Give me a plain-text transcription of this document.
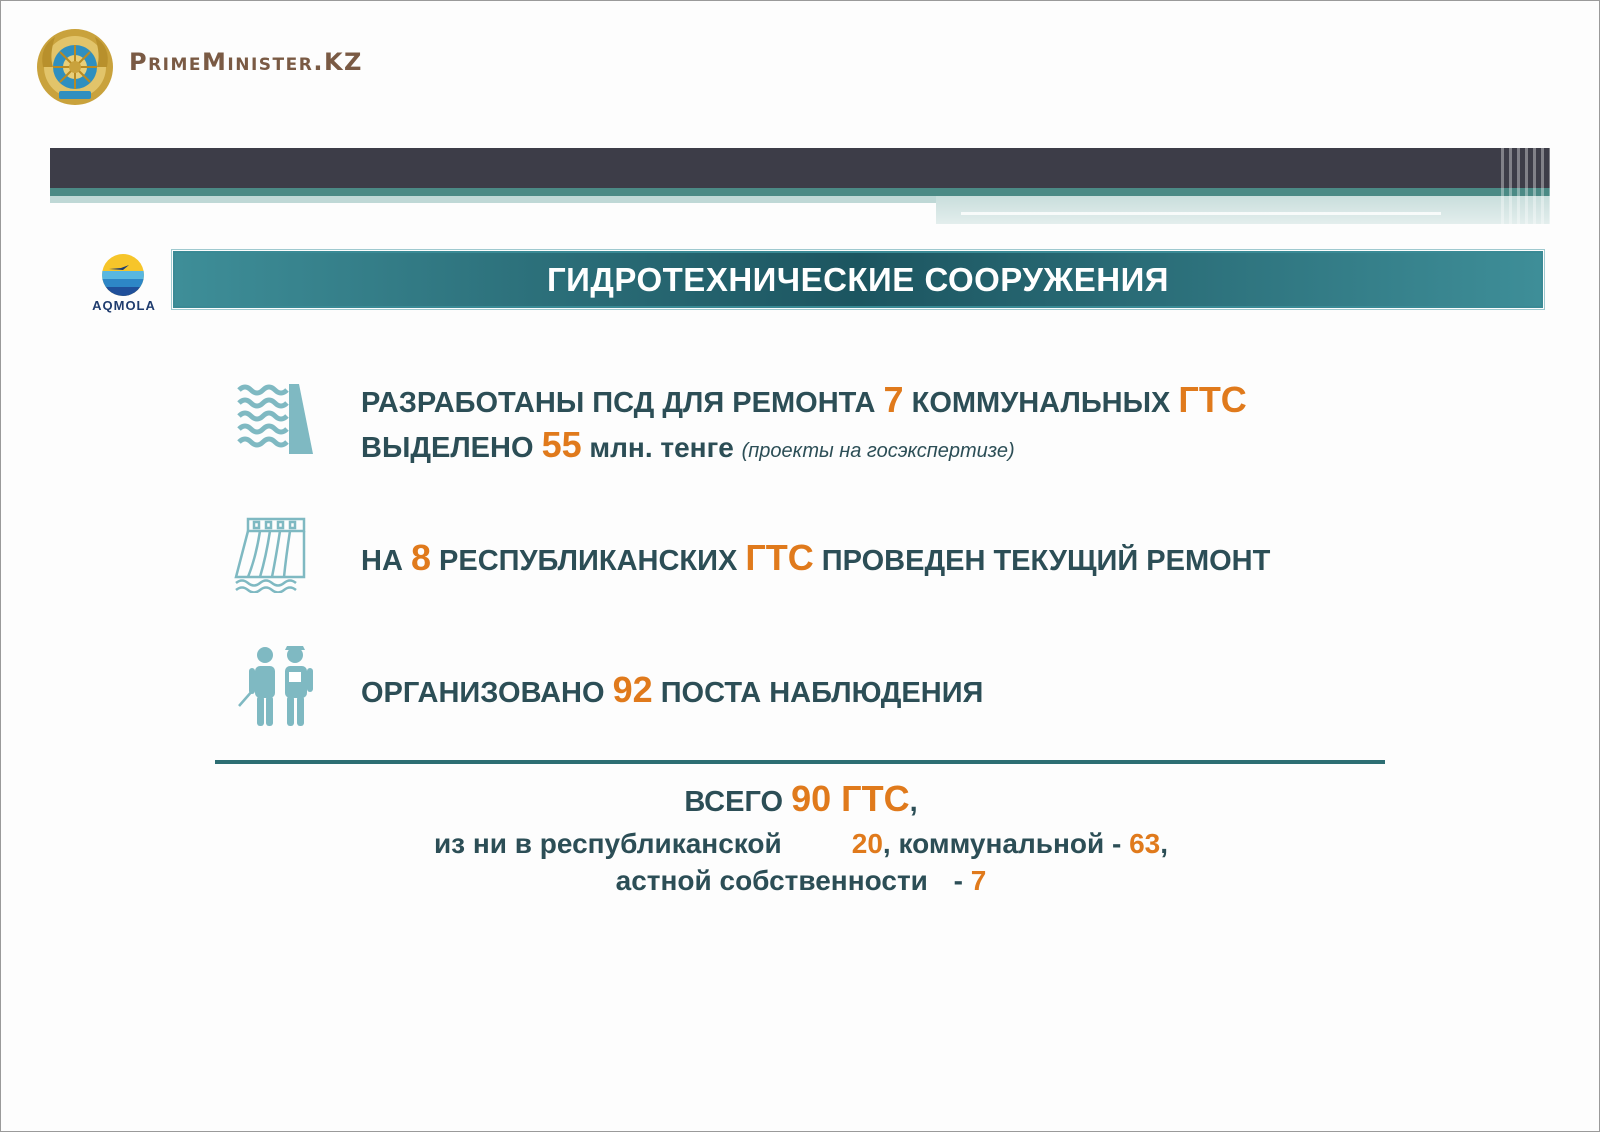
PrimeMinister.KZ
AQMOLA
ГИДРОТЕХНИЧЕСКИЕ СООРУЖЕНИЯ
РАЗРАБОТАНЫ ПСД ДЛЯ РЕМОНТА 7 КОММУНАЛЬНЫХ ГТС
ВЫДЕЛЕНО 55 млн. тенге (проекты на госэкспертизе)
НА 8 РЕСПУБЛИКАНСКИХ ГТС ПРОВЕДЕН ТЕКУЩИЙ РЕМОНТ
ОРГАНИЗОВАНО 92 ПОСТА НАБЛЮДЕНИЯ
ВСЕГО 90 ГТС,
из ни в республиканской	20, коммунальной - 63,
астной собственности - 7
